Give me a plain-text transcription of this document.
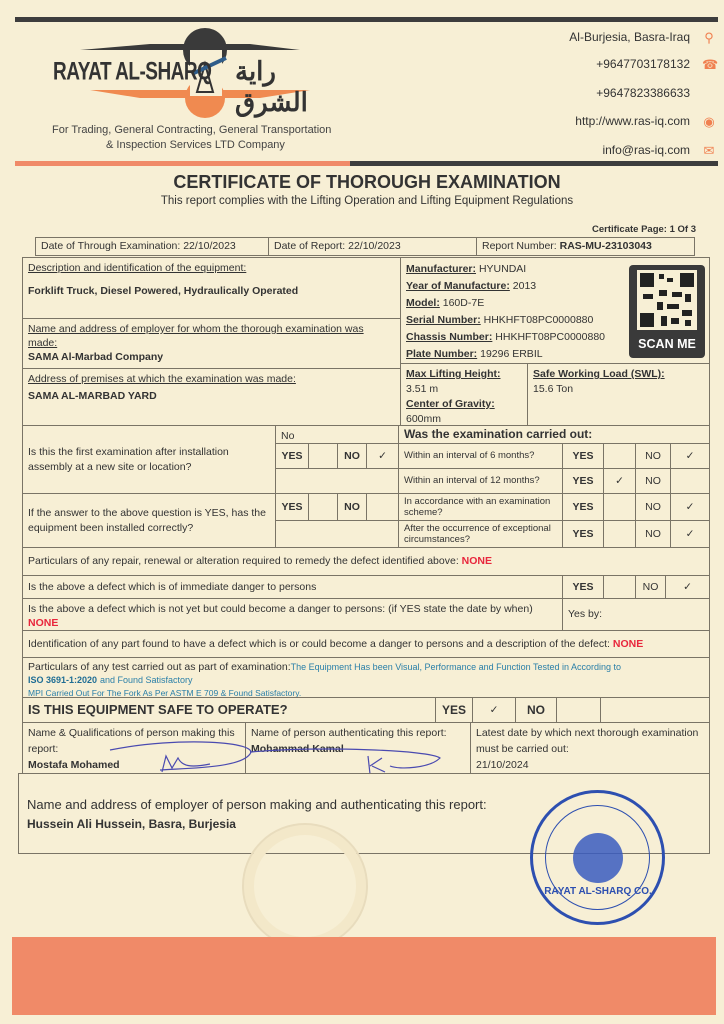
RAYAT AL-SHARQ راية الشرق
For Trading, General Contracting, General Transportation
& Inspection Services LTD Company
Al-Burjesia, Basra-Iraq ⚲
+9647703178132 ☎
+9647823386633
http://www.ras-iq.com ◉
info@ras-iq.com ✉
CERTIFICATE OF THOROUGH EXAMINATION
This report complies with the Lifting Operation and Lifting Equipment Regulations
Certificate Page: 1 Of 3
Date of Through Examination: 22/10/2023	Date of Report: 22/10/2023	Report Number:
RAS-MU-23103043
Description and identification of the equipment:
Forklift Truck, Diesel Powered, Hydraulically Operated
Name and address of employer for whom the thorough examination was made:
SAMA Al-Marbad Company
Address of premises at which the examination was made:
SAMA AL-MARBAD YARD
Manufacturer: HYUNDAI
Year of Manufacture: 2013
Model: 160D-7E
Serial Number: HHKHFT08PC0000880
Chassis Number: HHKHFT08PC0000880
Plate Number: 19296 ERBIL
SCAN ME
Max Lifting Height:
3.51 m
Center of Gravity:
600mm
Safe Working Load (SWL):
15.6 Ton
Is this the first examination after installation assembly at a new site or location?
No
YES	NO	✓
If the answer to the above question is YES, has the equipment been installed correctly?
YES	NO
Was the examination carried out:
Within an interval of 6 months?	YES	NO	✓
Within an interval of 12 months?	YES	✓	NO
In accordance with an examination scheme?	YES	NO	✓
After the occurrence of exceptional circumstances?	YES	NO	✓
Particulars of any repair, renewal or alteration required to remedy the defect identified above:
NONE
Is the above a defect which is of immediate danger to persons	YES	NO	✓
Is the above a defect which is not yet but could become a danger to persons: (if YES state the date by when) NONE
Yes by:
Identification of any part found to have a defect which is or could become a danger to persons and a description of the defect:
NONE
Particulars of any test carried out as part of examination:The Equipment Has been Visual, Performance and Function Tested in According to
ISO 3691-1:2020 and Found Satisfactory
MPI Carried Out For The Fork As Per ASTM E 709 & Found Satisfactory.
IS THIS EQUIPMENT SAFE TO OPERATE?	YES	✓	NO
Name & Qualifications of person making this report:
Mostafa Mohamed
Name of person authenticating this report:
Mohammad Kamal
Latest date by which next thorough examination must be carried out:
21/10/2024
Name and address of employer of person making and authenticating this report:
Hussein Ali Hussein, Basra, Burjesia
RAYAT AL-SHARQ CO.
